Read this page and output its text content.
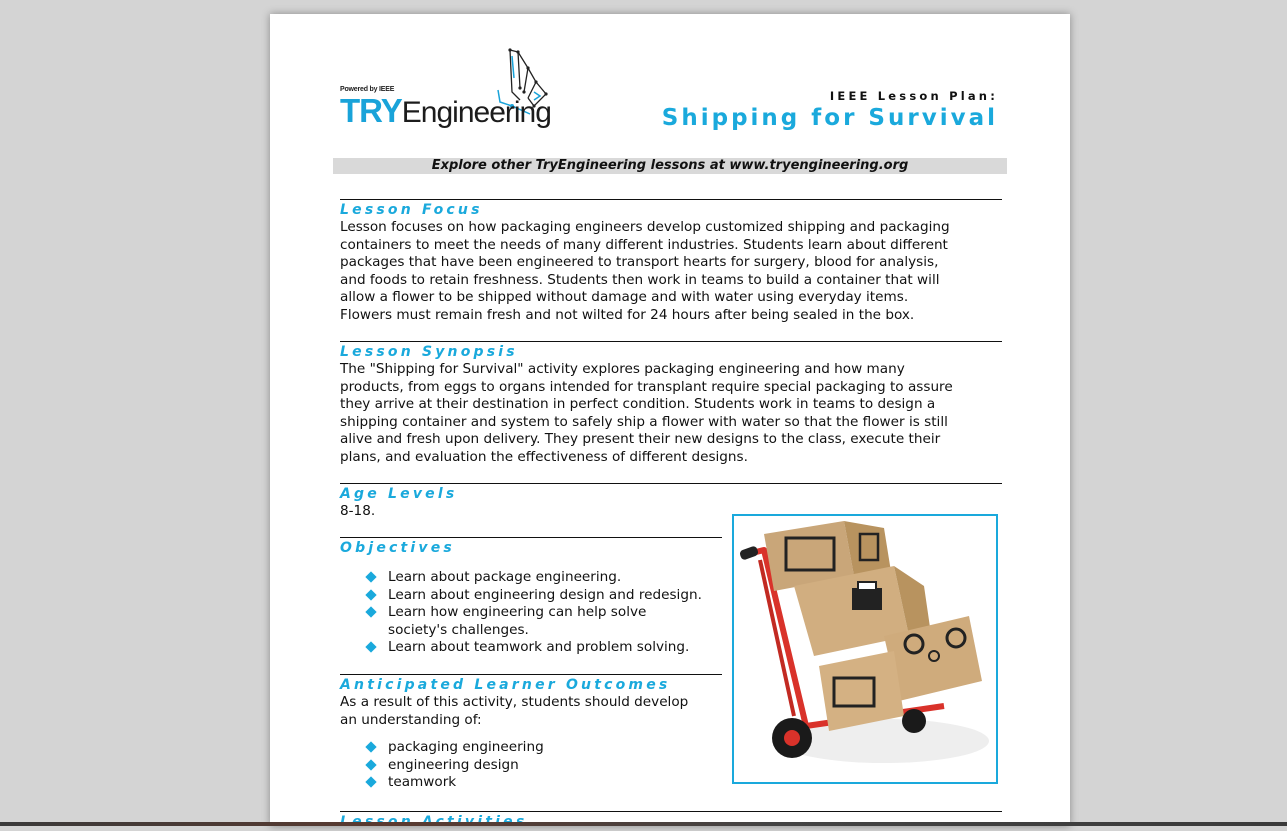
Powered by IEEE
TRYEngineering	IEEE Lesson Plan:
Shipping for Survival
Explore other TryEngineering lessons at www.tryengineering.org
Lesson Focus
Lesson focuses on how packaging engineers develop customized shipping and packaging
containers to meet the needs of many different industries. Students learn about different
packages that have been engineered to transport hearts for surgery, blood for analysis,
and foods to retain freshness. Students then work in teams to build a container that will
allow a flower to be shipped without damage and with water using everyday items.
Flowers must remain fresh and not wilted for 24 hours after being sealed in the box.
Lesson Synopsis
The "Shipping for Survival" activity explores packaging engineering and how many
products, from eggs to organs intended for transplant require special packaging to assure
they arrive at their destination in perfect condition. Students work in teams to design a
shipping container and system to safely ship a flower with water so that the flower is still
alive and fresh upon delivery. They present their new designs to the class, execute their
plans, and evaluation the effectiveness of different designs.
Age Levels
8-18.
Objectives
Learn about package engineering.
Learn about engineering design and redesign.
Learn how engineering can help solve
society's challenges.
Learn about teamwork and problem solving.
Anticipated Learner Outcomes
As a result of this activity, students should develop
an understanding of:
packaging engineering
engineering design
teamwork
